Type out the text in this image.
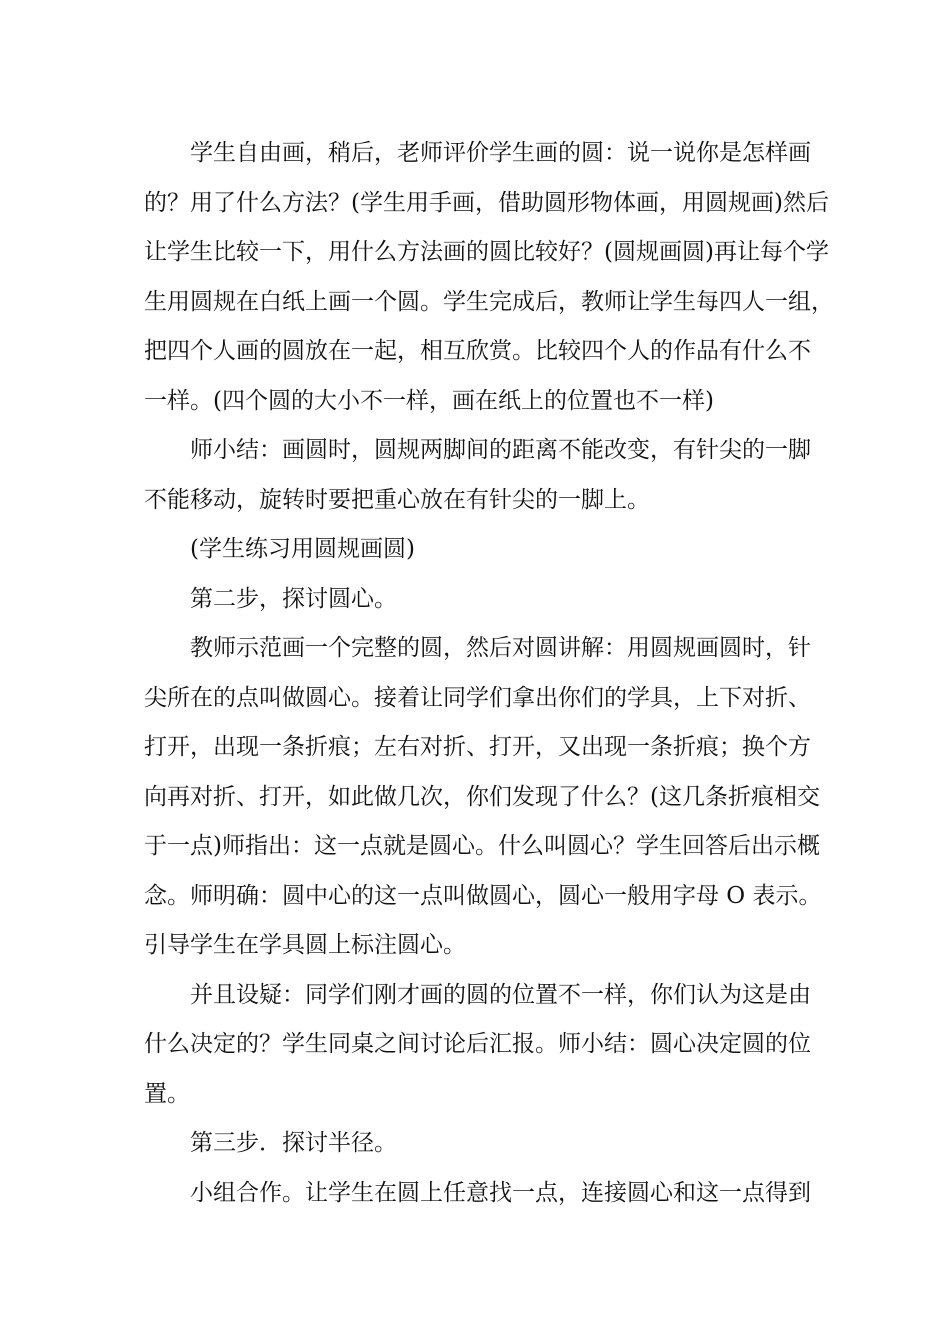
学生自由画，稍后，老师评价学生画的圆：说一说你是怎样画
的？用了什么方法？(学生用手画，借助圆形物体画，用圆规画)然后
让学生比较一下，用什么方法画的圆比较好？(圆规画圆)再让每个学
生用圆规在白纸上画一个圆。学生完成后，教师让学生每四人一组，
把四个人画的圆放在一起，相互欣赏。比较四个人的作品有什么不
一样。(四个圆的大小不一样，画在纸上的位置也不一样)
师小结：画圆时，圆规两脚间的距离不能改变，有针尖的一脚
不能移动，旋转时要把重心放在有针尖的一脚上。
(学生练习用圆规画圆)
第二步，探讨圆心。
教师示范画一个完整的圆，然后对圆讲解：用圆规画圆时，针
尖所在的点叫做圆心。接着让同学们拿出你们的学具，上下对折、
打开，出现一条折痕；左右对折、打开，又出现一条折痕；换个方
向再对折、打开，如此做几次，你们发现了什么？(这几条折痕相交
于一点)师指出：这一点就是圆心。什么叫圆心？学生回答后出示概
念。师明确：圆中心的这一点叫做圆心，圆心一般用字母 O 表示。
引导学生在学具圆上标注圆心。
并且设疑：同学们刚才画的圆的位置不一样，你们认为这是由
什么决定的？学生同桌之间讨论后汇报。师小结：圆心决定圆的位
置。
第三步．探讨半径。
小组合作。让学生在圆上任意找一点，连接圆心和这一点得到
